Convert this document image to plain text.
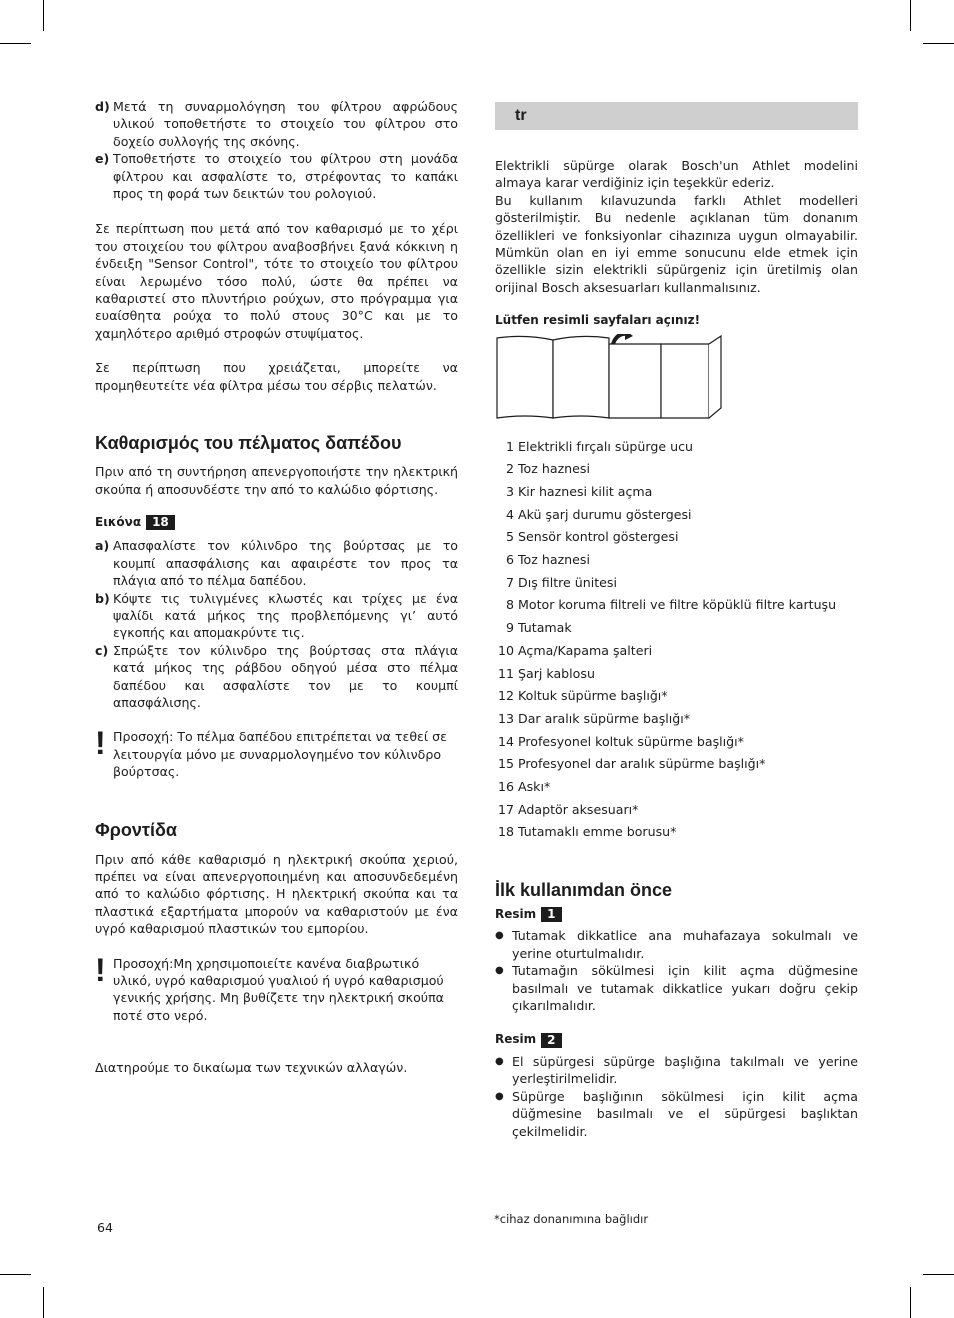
d) Μετά τη συναρμολόγηση του φίλτρου αφρώδους υλικού τοποθετήστε το στοιχείο του φίλτρου στο δοχείο συλλογής της σκόνης.
e) Τοποθετήστε το στοιχείο του φίλτρου στη μονάδα φίλτρου και ασφαλίστε το, στρέφοντας το καπάκι προς τη φορά των δεικτών του ρολογιού.

Σε περίπτωση που μετά από τον καθαρισμό με το χέρι του στοιχείου του φίλτρου αναβοσβήνει ξανά κόκκινη η ένδειξη "Sensor Control", τότε το στοιχείο του φίλτρου είναι λερωμένο τόσο πολύ, ώστε θα πρέπει να καθαριστεί στο πλυντήριο ρούχων, στο πρόγραμμα για ευαίσθητα ρούχα το πολύ στους 30°C και με το χαμηλότερο αριθμό στροφών στυψίματος.

Σε περίπτωση που χρειάζεται, μπορείτε να προμηθευτείτε νέα φίλτρα μέσω του σέρβις πελατών.

Καθαρισμός του πέλματος δαπέδου

Πριν από τη συντήρηση απενεργοποιήστε την ηλεκτρική σκούπα ή αποσυνδέστε την από το καλώδιο φόρτισης.

Εικόνα 18
a) Απασφαλίστε τον κύλινδρο της βούρτσας με το κουμπί απασφάλισης και αφαιρέστε τον προς τα πλάγια από το πέλμα δαπέδου.
b) Κόψτε τις τυλιγμένες κλωστές και τρίχες με ένα ψαλίδι κατά μήκος της προβλεπόμενης γι’ αυτό εγκοπής και απομακρύντε τις.
c) Σπρώξτε τον κύλινδρο της βούρτσας στα πλάγια κατά μήκος της ράβδου οδηγού μέσα στο πέλμα δαπέδου και ασφαλίστε τον με το κουμπί απασφάλισης.
! Προσοχή: Το πέλμα δαπέδου επιτρέπεται να τεθεί σε λειτουργία μόνο με συναρμολογημένο τον κύλινδρο βούρτσας.
Φροντίδα

Πριν από κάθε καθαρισμό η ηλεκτρική σκούπα χεριού, πρέπει να είναι απενεργοποιημένη και αποσυνδεδεμένη από το καλώδιο φόρτισης. Η ηλεκτρική σκούπα και τα πλαστικά εξαρτήματα μπορούν να καθαριστούν με ένα υγρό καθαρισμού πλαστικών του εμπορίου.

! Προσοχή:Μη χρησιμοποιείτε κανένα διαβρωτικό υλικό, υγρό καθαρισμού γυαλιού ή υγρό καθαρισμού γενικής χρήσης. Μη βυθίζετε την ηλεκτρική σκούπα ποτέ στο νερό.

Διατηρούμε το δικαίωμα των τεχνικών αλλαγών.

tr

Elektrikli süpürge olarak Bosch'un Athlet modelini almaya karar verdiğiniz için teşekkür ederiz.

Bu kullanım kılavuzunda farklı Athlet modelleri gösterilmiştir. Bu nedenle açıklanan tüm donanım özellikleri ve fonksiyonlar cihazınıza uygun olmayabilir. Mümkün olan en iyi emme sonucunu elde etmek için özellikle sizin elektrikli süpürgeniz için üretilmiş olan orijinal Bosch aksesuarları kullanmalısınız.

Lütfen resimli sayfaları açınız!

1 Elektrikli fırçalı süpürge ucu
2 Toz haznesi
3 Kir haznesi kilit açma
4 Akü şarj durumu göstergesi
5 Sensör kontrol göstergesi
6 Toz haznesi
7 Dış filtre ünitesi
8 Motor koruma filtreli ve filtre köpüklü filtre kartuşu
9 Tutamak
10 Açma/Kapama şalteri
11 Şarj kablosu
12 Koltuk süpürme başlığı*
13 Dar aralık süpürme başlığı*
14 Profesyonel koltuk süpürme başlığı*
15 Profesyonel dar aralık süpürme başlığı*
16 Askı*
17 Adaptör aksesuarı*
18 Tutamaklı emme borusu*
İlk kullanımdan önce
Resim 1
● Tutamak dikkatlice ana muhafazaya sokulmalı ve yerine oturtulmalıdır.
● Tutamağın sökülmesi için kilit açma düğmesine basılmalı ve tutamak dikkatlice yukarı doğru çekip çıkarılmalıdır.
Resim 2
● El süpürgesi süpürge başlığına takılmalı ve yerine yerleştirilmelidir.
● Süpürge başlığının sökülmesi için kilit açma düğmesine basılmalı ve el süpürgesi başlıktan çekilmelidir.
64
*cihaz donanımına bağlıdır
